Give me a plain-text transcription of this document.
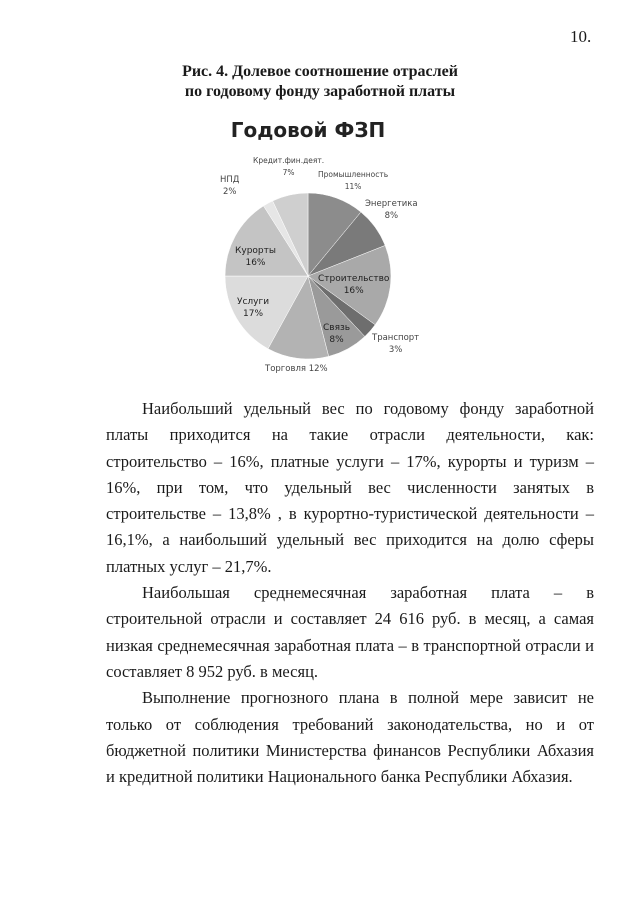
10.
Рис. 4. Долевое соотношение отраслей
по годовому фонду заработной платы
Годовой ФЗП
Промышленность
11%
Энергетика
8%
Строительство
16%
Транспорт
3%
Связь
8%
Торговля 12%
Услуги
17%
Курорты
16%
НПД
2%
Кредит.фин.деят.
7%

Наибольший удельный вес по годовому фонду заработной платы приходится на такие отрасли деятельности, как: строительство – 16%, платные услуги – 17%, курорты и туризм – 16%, при том, что удельный вес численности занятых в строительстве – 13,8% , в курортно-туристической деятельности – 16,1%, а наибольший удельный вес приходится на долю сферы платных услуг – 21,7%.

Наибольшая среднемесячная заработная плата – в строительной отрасли и составляет 24 616 руб. в месяц, а самая низкая среднемесячная заработная плата – в транспортной отрасли и составляет 8 952 руб. в месяц.

Выполнение прогнозного плана в полной мере зависит не только от соблюдения требований законодательства, но и от бюджетной политики Министерства финансов Республики Абхазия и кредитной политики Национального банка Республики Абхазия.
